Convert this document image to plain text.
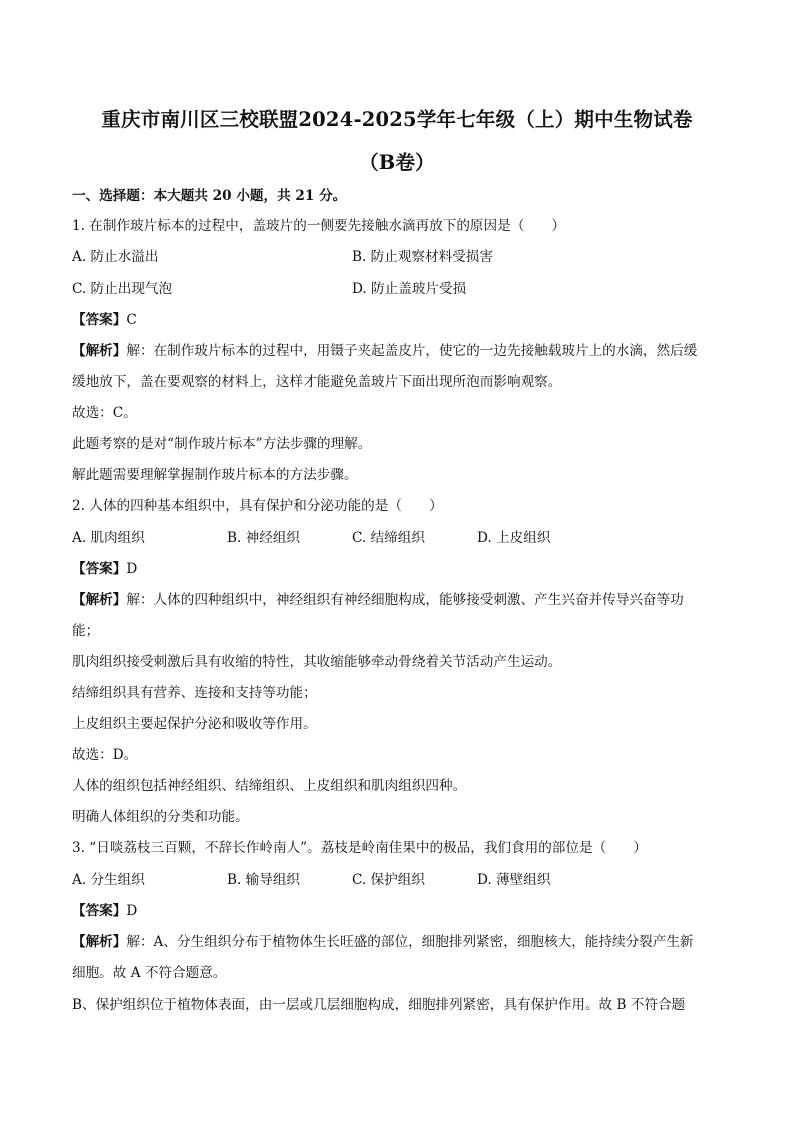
重庆市南川区三校联盟2024-2025学年七年级（上）期中生物试卷
（B卷）
一、选择题：本大题共 20 小题，共 21 分。
1. 在制作玻片标本的过程中，盖玻片的一侧要先接触水滴再放下的原因是（　　）
A. 防止水溢出	B. 防止观察材料受损害
C. 防止出现气泡	D. 防止盖玻片受损
【答案】C
【解析】解：在制作玻片标本的过程中，用镊子夹起盖皮片，使它的一边先接触载玻片上的水滴，然后缓
缓地放下，盖在要观察的材料上，这样才能避免盖玻片下面出现所泡而影响观察。
故选：C。
此题考察的是对“制作玻片标本”方法步骤的理解。
解此题需要理解掌握制作玻片标本的方法步骤。
2. 人体的四种基本组织中，具有保护和分泌功能的是（　　）
A. 肌肉组织	B. 神经组织	C. 结缔组织	D. 上皮组织
【答案】D
【解析】解：人体的四种组织中，神经组织有神经细胞构成，能够接受刺激、产生兴奋并传导兴奋等功
能；
肌肉组织接受刺激后具有收缩的特性，其收缩能够牵动骨绕着关节活动产生运动。
结缔组织具有营养、连接和支持等功能；
上皮组织主要起保护分泌和吸收等作用。
故选：D。
人体的组织包括神经组织、结缔组织、上皮组织和肌肉组织四种。
明确人体组织的分类和功能。
3. “日啖荔枝三百颗，不辞长作岭南人”。荔枝是岭南佳果中的极品，我们食用的部位是（　　）
A. 分生组织	B. 输导组织	C. 保护组织	D. 薄壁组织
【答案】D
【解析】解：A、分生组织分布于植物体生长旺盛的部位，细胞排列紧密，细胞核大，能持续分裂产生新
细胞。故 A 不符合题意。
B、保护组织位于植物体表面，由一层或几层细胞构成，细胞排列紧密，具有保护作用。故 B 不符合题
